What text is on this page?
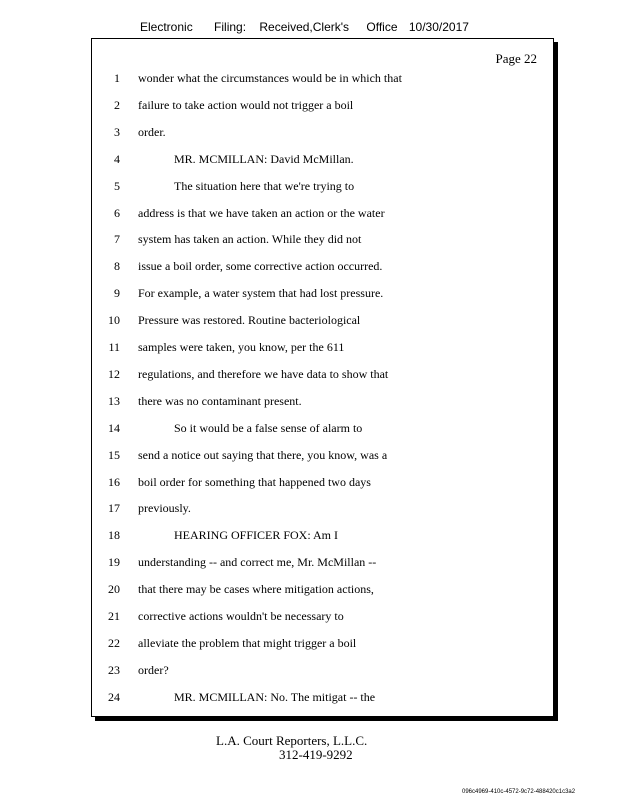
Electronic Filing: Received,Clerk's Office 10/30/2017
Page 22
1 wonder what the circumstances would be in which that
2 failure to take action would not trigger a boil
3 order.
4	MR. MCMILLAN: David McMillan.
5	The situation here that we're trying to
6 address is that we have taken an action or the water
7 system has taken an action. While they did not
8 issue a boil order, some corrective action occurred.
9 For example, a water system that had lost pressure.
10 Pressure was restored. Routine bacteriological
11 samples were taken, you know, per the 611
12 regulations, and therefore we have data to show that
13 there was no contaminant present.
14	So it would be a false sense of alarm to
15 send a notice out saying that there, you know, was a
16 boil order for something that happened two days
17 previously.
18	HEARING OFFICER FOX: Am I
19 understanding -- and correct me, Mr. McMillan --
20 that there may be cases where mitigation actions,
21 corrective actions wouldn't be necessary to
22 alleviate the problem that might trigger a boil
23 order?
24	MR. MCMILLAN: No. The mitigat -- the
L.A. Court Reporters, L.L.C.
312-419-9292
096c4969-410c-4572-9c72-488420c1c3a2
